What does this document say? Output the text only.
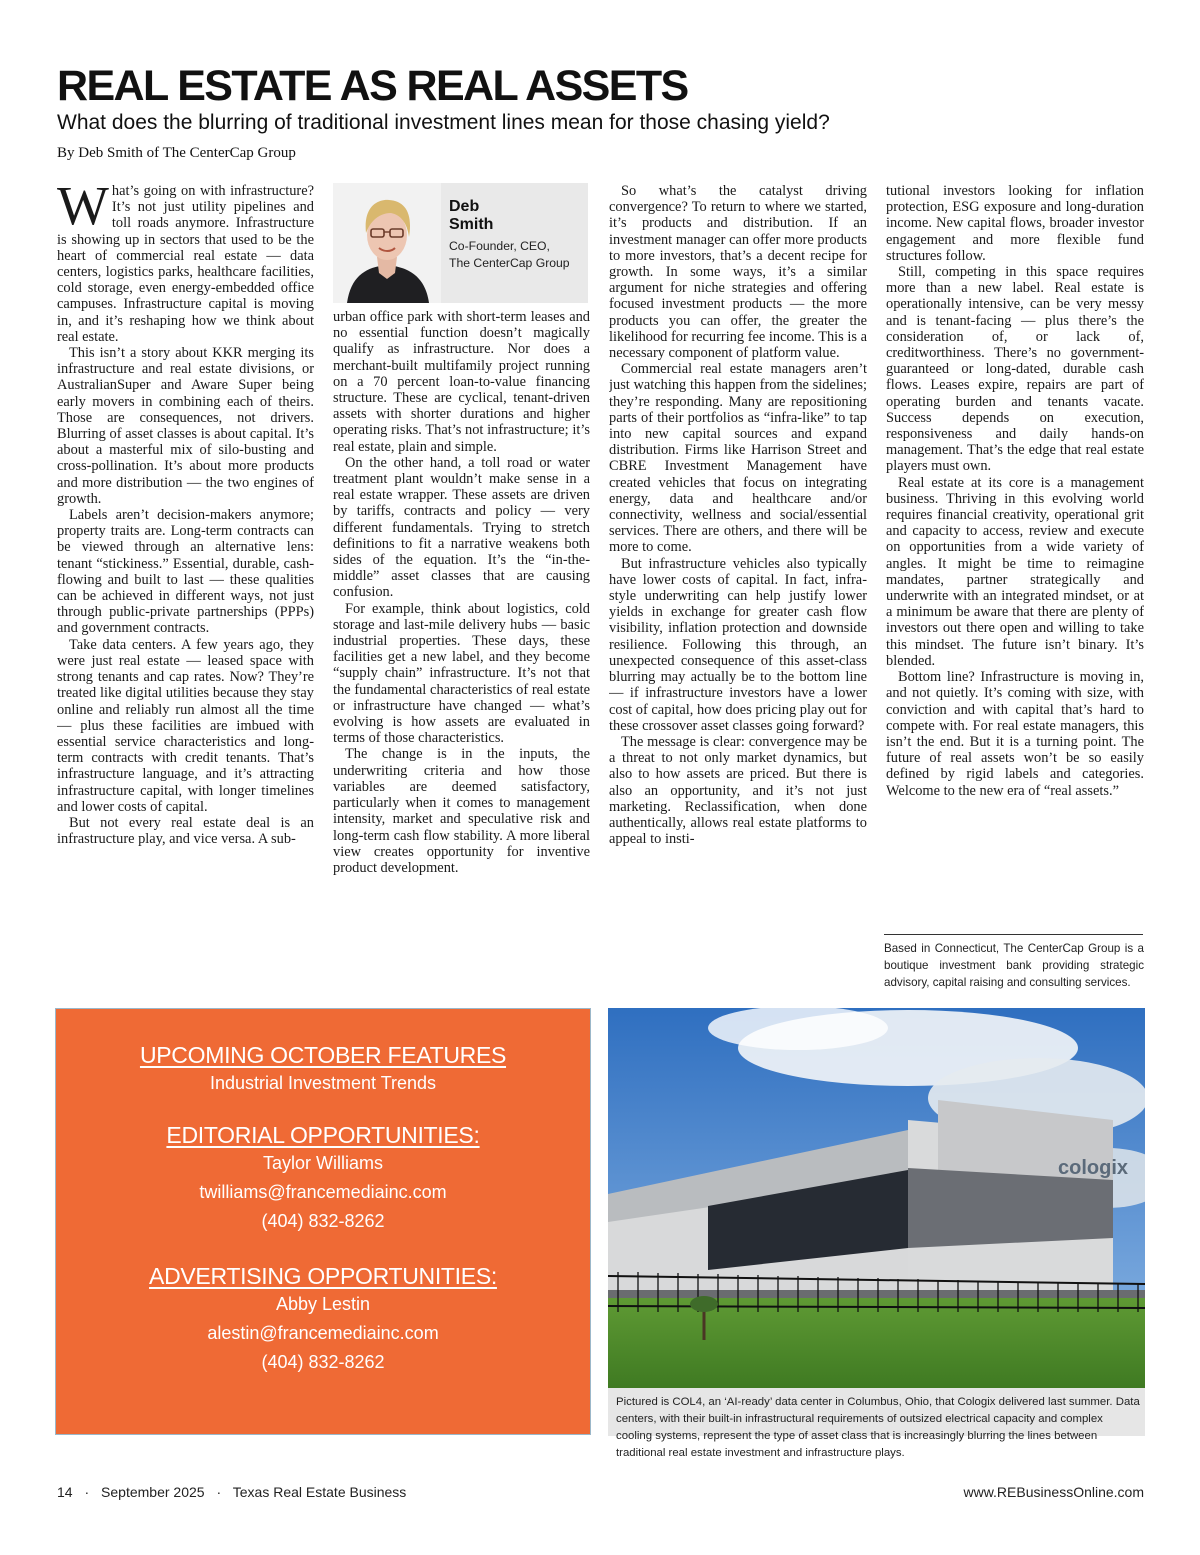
REAL ESTATE AS REAL ASSETS
What does the blurring of traditional investment lines mean for those chasing yield?
By Deb Smith of The CenterCap Group

What’s going on with infrastructure? It’s not just utility pipelines and toll roads anymore. Infrastructure is showing up in sectors that used to be the heart of commercial real estate — data centers, logistics parks, healthcare facilities, cold storage, even energy-embedded office campuses. Infrastructure capital is moving in, and it’s reshaping how we think about real estate.

This isn’t a story about KKR merging its infrastructure and real estate divisions, or AustralianSuper and Aware Super being early movers in combining each of theirs. Those are consequences, not drivers. Blurring of asset classes is about capital. It’s about a masterful mix of silo-busting and cross-pollination. It’s about more products and more distribution — the two engines of growth.

Labels aren’t decision-makers anymore; property traits are. Long-term contracts can be viewed through an alternative lens: tenant “stickiness.” Essential, durable, cash-flowing and built to last — these qualities can be achieved in different ways, not just through public-private partnerships (PPPs) and government contracts.

Take data centers. A few years ago, they were just real estate — leased space with strong tenants and cap rates. Now? They’re treated like digital utilities because they stay online and reliably run almost all the time — plus these facilities are imbued with essential service characteristics and long-term contracts with credit tenants. That’s infrastructure language, and it’s attracting infrastructure capital, with longer timelines and lower costs of capital.

But not every real estate deal is an infrastructure play, and vice versa. A sub-

Deb
Smith
Co-Founder, CEO,
The CenterCap Group

urban office park with short-term leases and no essential function doesn’t magically qualify as infrastructure. Nor does a merchant-built multifamily project running on a 70 percent loan-to-value financing structure. These are cyclical, tenant-driven assets with shorter durations and higher operating risks. That’s not infrastructure; it’s real estate, plain and simple.

On the other hand, a toll road or water treatment plant wouldn’t make sense in a real estate wrapper. These assets are driven by tariffs, contracts and policy — very different fundamentals. Trying to stretch definitions to fit a narrative weakens both sides of the equation. It’s the “in-the-middle” asset classes that are causing confusion.

For example, think about logistics, cold storage and last-mile delivery hubs — basic industrial properties. These days, these facilities get a new label, and they become “supply chain” infrastructure. It’s not that the fundamental characteristics of real estate or infrastructure have changed — what’s evolving is how assets are evaluated in terms of those characteristics.

The change is in the inputs, the underwriting criteria and how those variables are deemed satisfactory, particularly when it comes to management intensity, market and speculative risk and long-term cash flow stability. A more liberal view creates opportunity for inventive product development.

So what’s the catalyst driving convergence? To return to where we started, it’s products and distribution. If an investment manager can offer more products to more investors, that’s a decent recipe for growth. In some ways, it’s a similar argument for niche strategies and offering focused investment products — the more products you can offer, the greater the likelihood for recurring fee income. This is a necessary component of platform value.

Commercial real estate managers aren’t just watching this happen from the sidelines; they’re responding. Many are repositioning parts of their portfolios as “infra-like” to tap into new capital sources and expand distribution. Firms like Harrison Street and CBRE Investment Management have created vehicles that focus on integrating energy, data and healthcare and/or connectivity, wellness and social/essential services. There are others, and there will be more to come.

But infrastructure vehicles also typically have lower costs of capital. In fact, infra-style underwriting can help justify lower yields in exchange for greater cash flow visibility, inflation protection and downside resilience. Following this through, an unexpected consequence of this asset-class blurring may actually be to the bottom line — if infrastructure investors have a lower cost of capital, how does pricing play out for these crossover asset classes going forward?

The message is clear: convergence may be a threat to not only market dynamics, but also to how assets are priced. But there is also an opportunity, and it’s not just marketing. Reclassification, when done authentically, allows real estate platforms to appeal to insti-

tutional investors looking for inflation protection, ESG exposure and long-duration income. New capital flows, broader investor engagement and more flexible fund structures follow.

Still, competing in this space requires more than a new label. Real estate is operationally intensive, can be very messy and is tenant-facing — plus there’s the consideration of, or lack of, creditworthiness. There’s no government-guaranteed or long-dated, durable cash flows. Leases expire, repairs are part of operating burden and tenants vacate. Success depends on execution, responsiveness and daily hands-on management. That’s the edge that real estate players must own.

Real estate at its core is a management business. Thriving in this evolving world requires financial creativity, operational grit and capacity to access, review and execute on opportunities from a wide variety of angles. It might be time to reimagine mandates, partner strategically and underwrite with an integrated mindset, or at a minimum be aware that there are plenty of investors out there open and willing to take this mindset. The future isn’t binary. It’s blended.

Bottom line? Infrastructure is moving in, and not quietly. It’s coming with size, with conviction and with capital that’s hard to compete with. For real estate managers, this isn’t the end. But it is a turning point. The future of real assets won’t be so easily defined by rigid labels and categories. Welcome to the new era of “real assets.”

Based in Connecticut, The CenterCap Group is a boutique investment bank providing strategic advisory, capital raising and consulting services.
UPCOMING OCTOBER FEATURES
Industrial Investment Trends
EDITORIAL OPPORTUNITIES:
Taylor Williams
twilliams@francemediainc.com
(404) 832-8262
ADVERTISING OPPORTUNITIES:
Abby Lestin
alestin@francemediainc.com
(404) 832-8262
cologix
Pictured is COL4, an ‘AI-ready’ data center in Columbus, Ohio, that Cologix delivered last summer. Data centers, with their built-in infrastructural requirements of outsized electrical capacity and complex cooling systems, represent the type of asset class that is increasingly blurring the lines between traditional real estate investment and infrastructure plays.
14 · September 2025 · Texas Real Estate Business	www.REBusinessOnline.com
